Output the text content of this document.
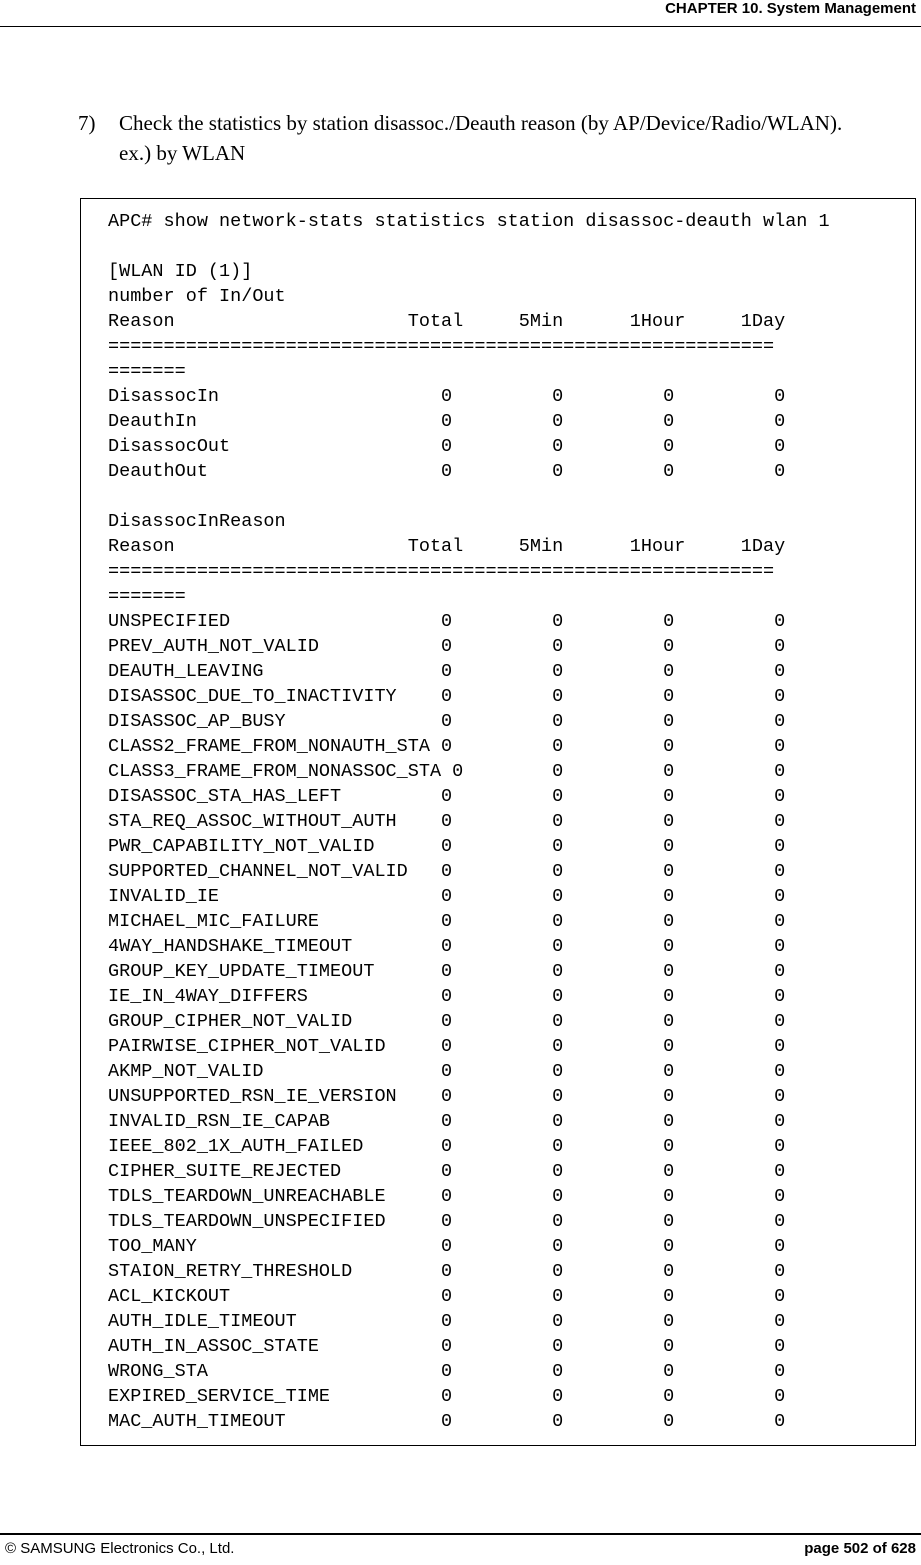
CHAPTER 10. System Management
7) Check the statistics by station disassoc./Deauth reason (by AP/Device/Radio/WLAN).
ex.) by WLAN
APC# show network-stats statistics station disassoc-deauth wlan 1
[WLAN ID (1)]
number of In/Out
Reason                     Total     5Min      1Hour     1Day
============================================================
=======
DisassocIn                    0         0         0         0
DeauthIn                      0         0         0         0
DisassocOut                   0         0         0         0
DeauthOut                     0         0         0         0
DisassocInReason
Reason                     Total     5Min      1Hour     1Day
============================================================
=======
UNSPECIFIED                   0         0         0         0
PREV_AUTH_NOT_VALID           0         0         0         0
DEAUTH_LEAVING                0         0         0         0
DISASSOC_DUE_TO_INACTIVITY    0         0         0         0
DISASSOC_AP_BUSY              0         0         0         0
CLASS2_FRAME_FROM_NONAUTH_STA 0         0         0         0
CLASS3_FRAME_FROM_NONASSOC_STA 0        0         0         0
DISASSOC_STA_HAS_LEFT         0         0         0         0
STA_REQ_ASSOC_WITHOUT_AUTH    0         0         0         0
PWR_CAPABILITY_NOT_VALID      0         0         0         0
SUPPORTED_CHANNEL_NOT_VALID   0         0         0         0
INVALID_IE                    0         0         0         0
MICHAEL_MIC_FAILURE           0         0         0         0
4WAY_HANDSHAKE_TIMEOUT        0         0         0         0
GROUP_KEY_UPDATE_TIMEOUT      0         0         0         0
IE_IN_4WAY_DIFFERS            0         0         0         0
GROUP_CIPHER_NOT_VALID        0         0         0         0
PAIRWISE_CIPHER_NOT_VALID     0         0         0         0
AKMP_NOT_VALID                0         0         0         0
UNSUPPORTED_RSN_IE_VERSION    0         0         0         0
INVALID_RSN_IE_CAPAB          0         0         0         0
IEEE_802_1X_AUTH_FAILED       0         0         0         0
CIPHER_SUITE_REJECTED         0         0         0         0
TDLS_TEARDOWN_UNREACHABLE     0         0         0         0
TDLS_TEARDOWN_UNSPECIFIED     0         0         0         0
TOO_MANY                      0         0         0         0
STAION_RETRY_THRESHOLD        0         0         0         0
ACL_KICKOUT                   0         0         0         0
AUTH_IDLE_TIMEOUT             0         0         0         0
AUTH_IN_ASSOC_STATE           0         0         0         0
WRONG_STA                     0         0         0         0
EXPIRED_SERVICE_TIME          0         0         0         0
MAC_AUTH_TIMEOUT              0         0         0         0
© SAMSUNG Electronics Co., Ltd.	page 502 of 628
